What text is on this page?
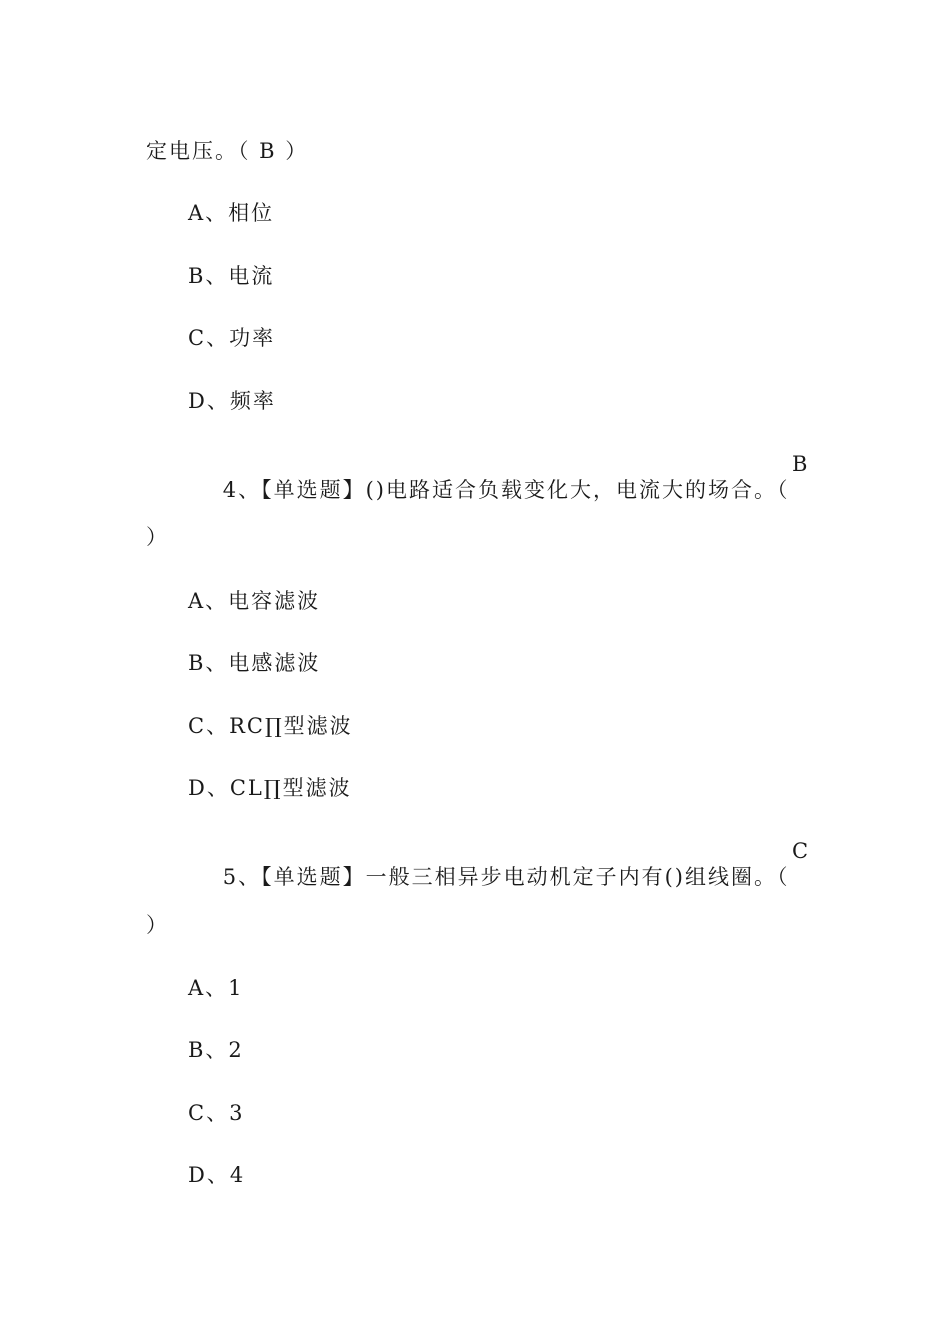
定电压。（ B ）
A、相位
B、电流
C、功率
D、频率

4、【单选题】()电路适合负载变化大，电流大的场合。（

B
）
A、电容滤波
B、电感滤波
C、RC∏型滤波
D、CL∏型滤波

5、【单选题】一般三相异步电动机定子内有()组线圈。（

C
）
A、1
B、2
C、3
D、4
